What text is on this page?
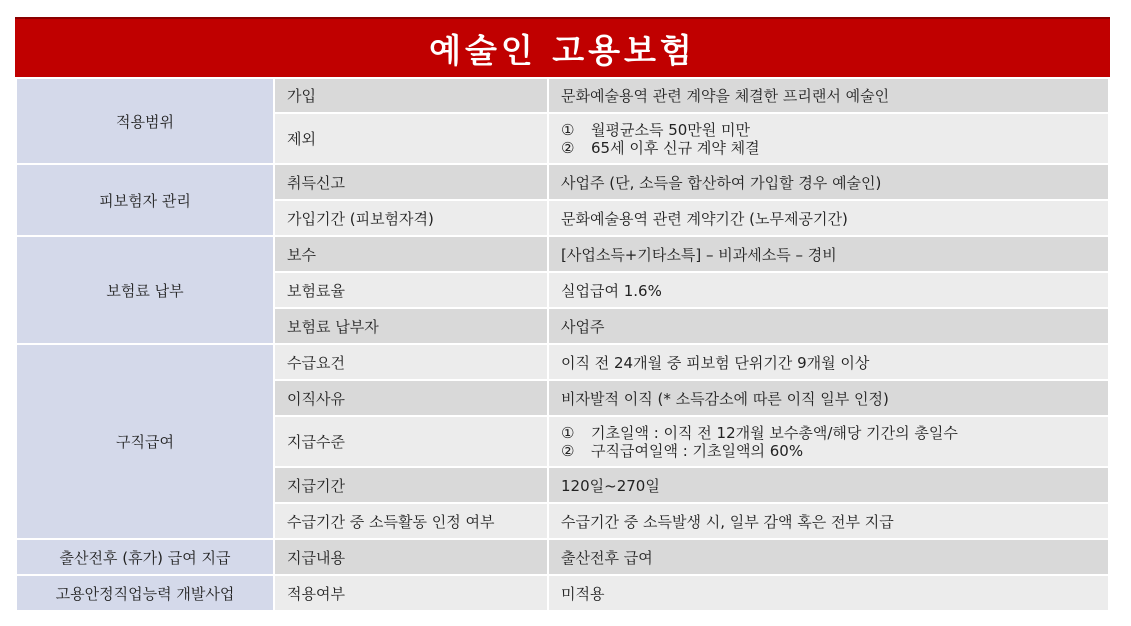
예술인 고용보험
적용범위	가입	문화예술용역 관련 계약을 체결한 프리랜서 예술인
	제외	① 월평균소득 50만원 미만
② 65세 이후 신규 계약 체결

피보험자 관리	취득신고	사업주 (단, 소득을 합산하여 가입할 경우 예술인)
	가입기간 (피보험자격)	문화예술용역 관련 계약기간 (노무제공기간)
보험료 납부	보수	[사업소득+기타소특] – 비과세소득 – 경비
	보험료율	실업급여 1.6%
	보험료 납부자	사업주
구직급여	수급요건	이직 전 24개월 중 피보험 단위기간 9개월 이상
	이직사유	비자발적 이직 (* 소득감소에 따른 이직 일부 인정)
	지급수준	① 기초일액 : 이직 전 12개월 보수총액/해당 기간의 총일수
② 구직급여일액 : 기초일액의 60%

	지급기간	120일~270일
	수급기간 중 소득활동 인정 여부	수급기간 중 소득발생 시, 일부 감액 혹은 전부 지급
출산전후 (휴가) 급여 지급	지급내용	출산전후 급여
고용안정직업능력 개발사업	적용여부	미적용
